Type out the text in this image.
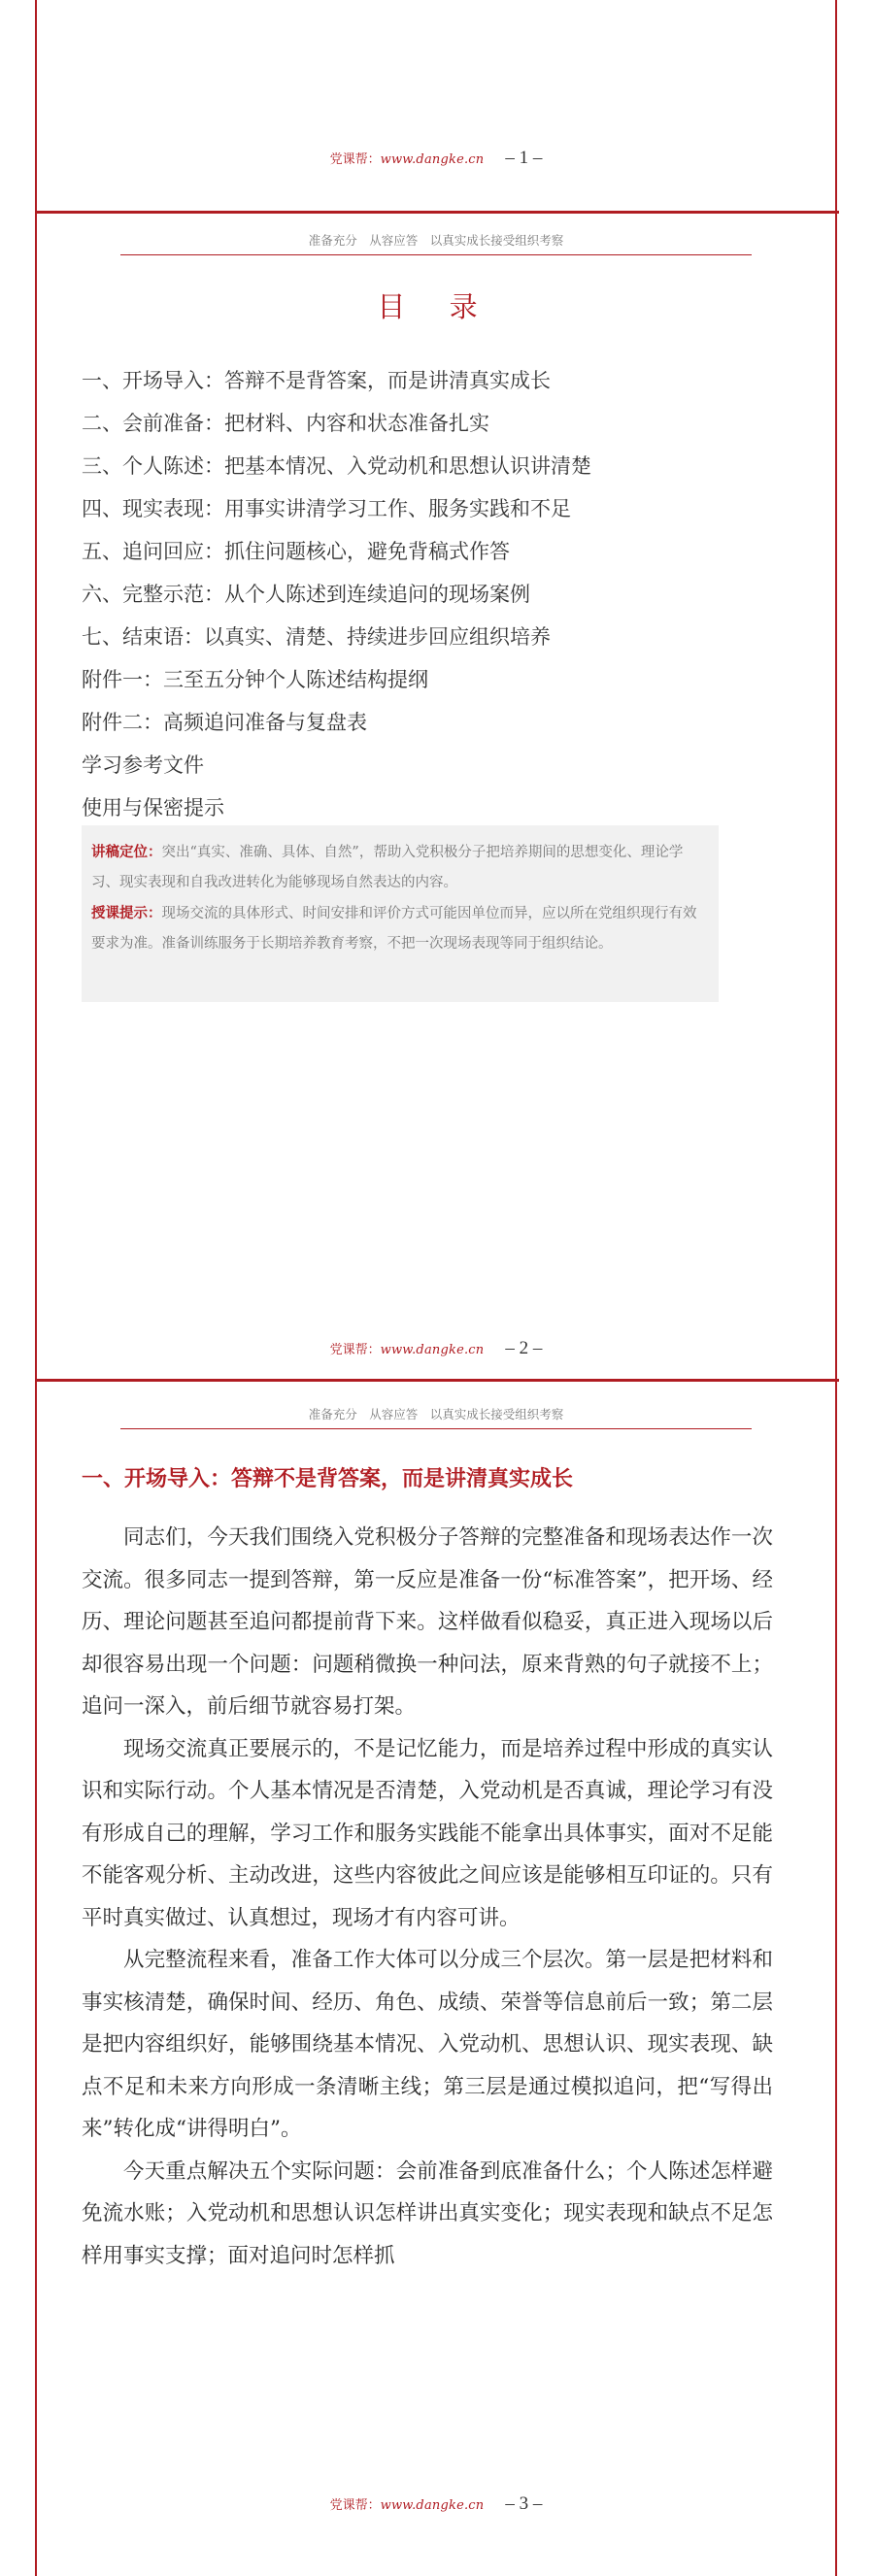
党课帮：www.dangke.cn – 1 –
准备充分　从容应答　以真实成长接受组织考察
目 录
党课帮：www.dangke.cn – 2 –
一、开场导入：答辩不是背答案，而是讲清真实成长
二、会前准备：把材料、内容和状态准备扎实
三、个人陈述：把基本情况、入党动机和思想认识讲清楚
四、现实表现：用事实讲清学习工作、服务实践和不足
五、追问回应：抓住问题核心，避免背稿式作答
六、完整示范：从个人陈述到连续追问的现场案例
七、结束语：以真实、清楚、持续进步回应组织培养
附件一：三至五分钟个人陈述结构提纲
附件二：高频追问准备与复盘表
学习参考文件
使用与保密提示
讲稿定位：突出“真实、准确、具体、自然”，帮助入党积极分子把培养期间的思想变化、理论学习、现实表现和自我改进转化为能够现场自然表达的内容。
授课提示：现场交流的具体形式、时间安排和评价方式可能因单位而异，应以所在党组织现行有效要求为准。准备训练服务于长期培养教育考察，不把一次现场表现等同于组织结论。
准备充分　从容应答　以真实成长接受组织考察
党课帮：www.dangke.cn – 3 –
一、开场导入：答辩不是背答案，而是讲清真实成长

同志们，今天我们围绕入党积极分子答辩的完整准备和现场表达作一次交流。很多同志一提到答辩，第一反应是准备一份“标准答案”，把开场、经历、理论问题甚至追问都提前背下来。这样做看似稳妥，真正进入现场以后却很容易出现一个问题：问题稍微换一种问法，原来背熟的句子就接不上；追问一深入，前后细节就容易打架。

现场交流真正要展示的，不是记忆能力，而是培养过程中形成的真实认识和实际行动。个人基本情况是否清楚，入党动机是否真诚，理论学习有没有形成自己的理解，学习工作和服务实践能不能拿出具体事实，面对不足能不能客观分析、主动改进，这些内容彼此之间应该是能够相互印证的。只有平时真实做过、认真想过，现场才有内容可讲。

从完整流程来看，准备工作大体可以分成三个层次。第一层是把材料和事实核清楚，确保时间、经历、角色、成绩、荣誉等信息前后一致；第二层是把内容组织好，能够围绕基本情况、入党动机、思想认识、现实表现、缺点不足和未来方向形成一条清晰主线；第三层是通过模拟追问，把“写得出来”转化成“讲得明白”。

今天重点解决五个实际问题：会前准备到底准备什么；个人陈述怎样避免流水账；入党动机和思想认识怎样讲出真实变化；现实表现和缺点不足怎样用事实支撑；面对追问时怎样抓
